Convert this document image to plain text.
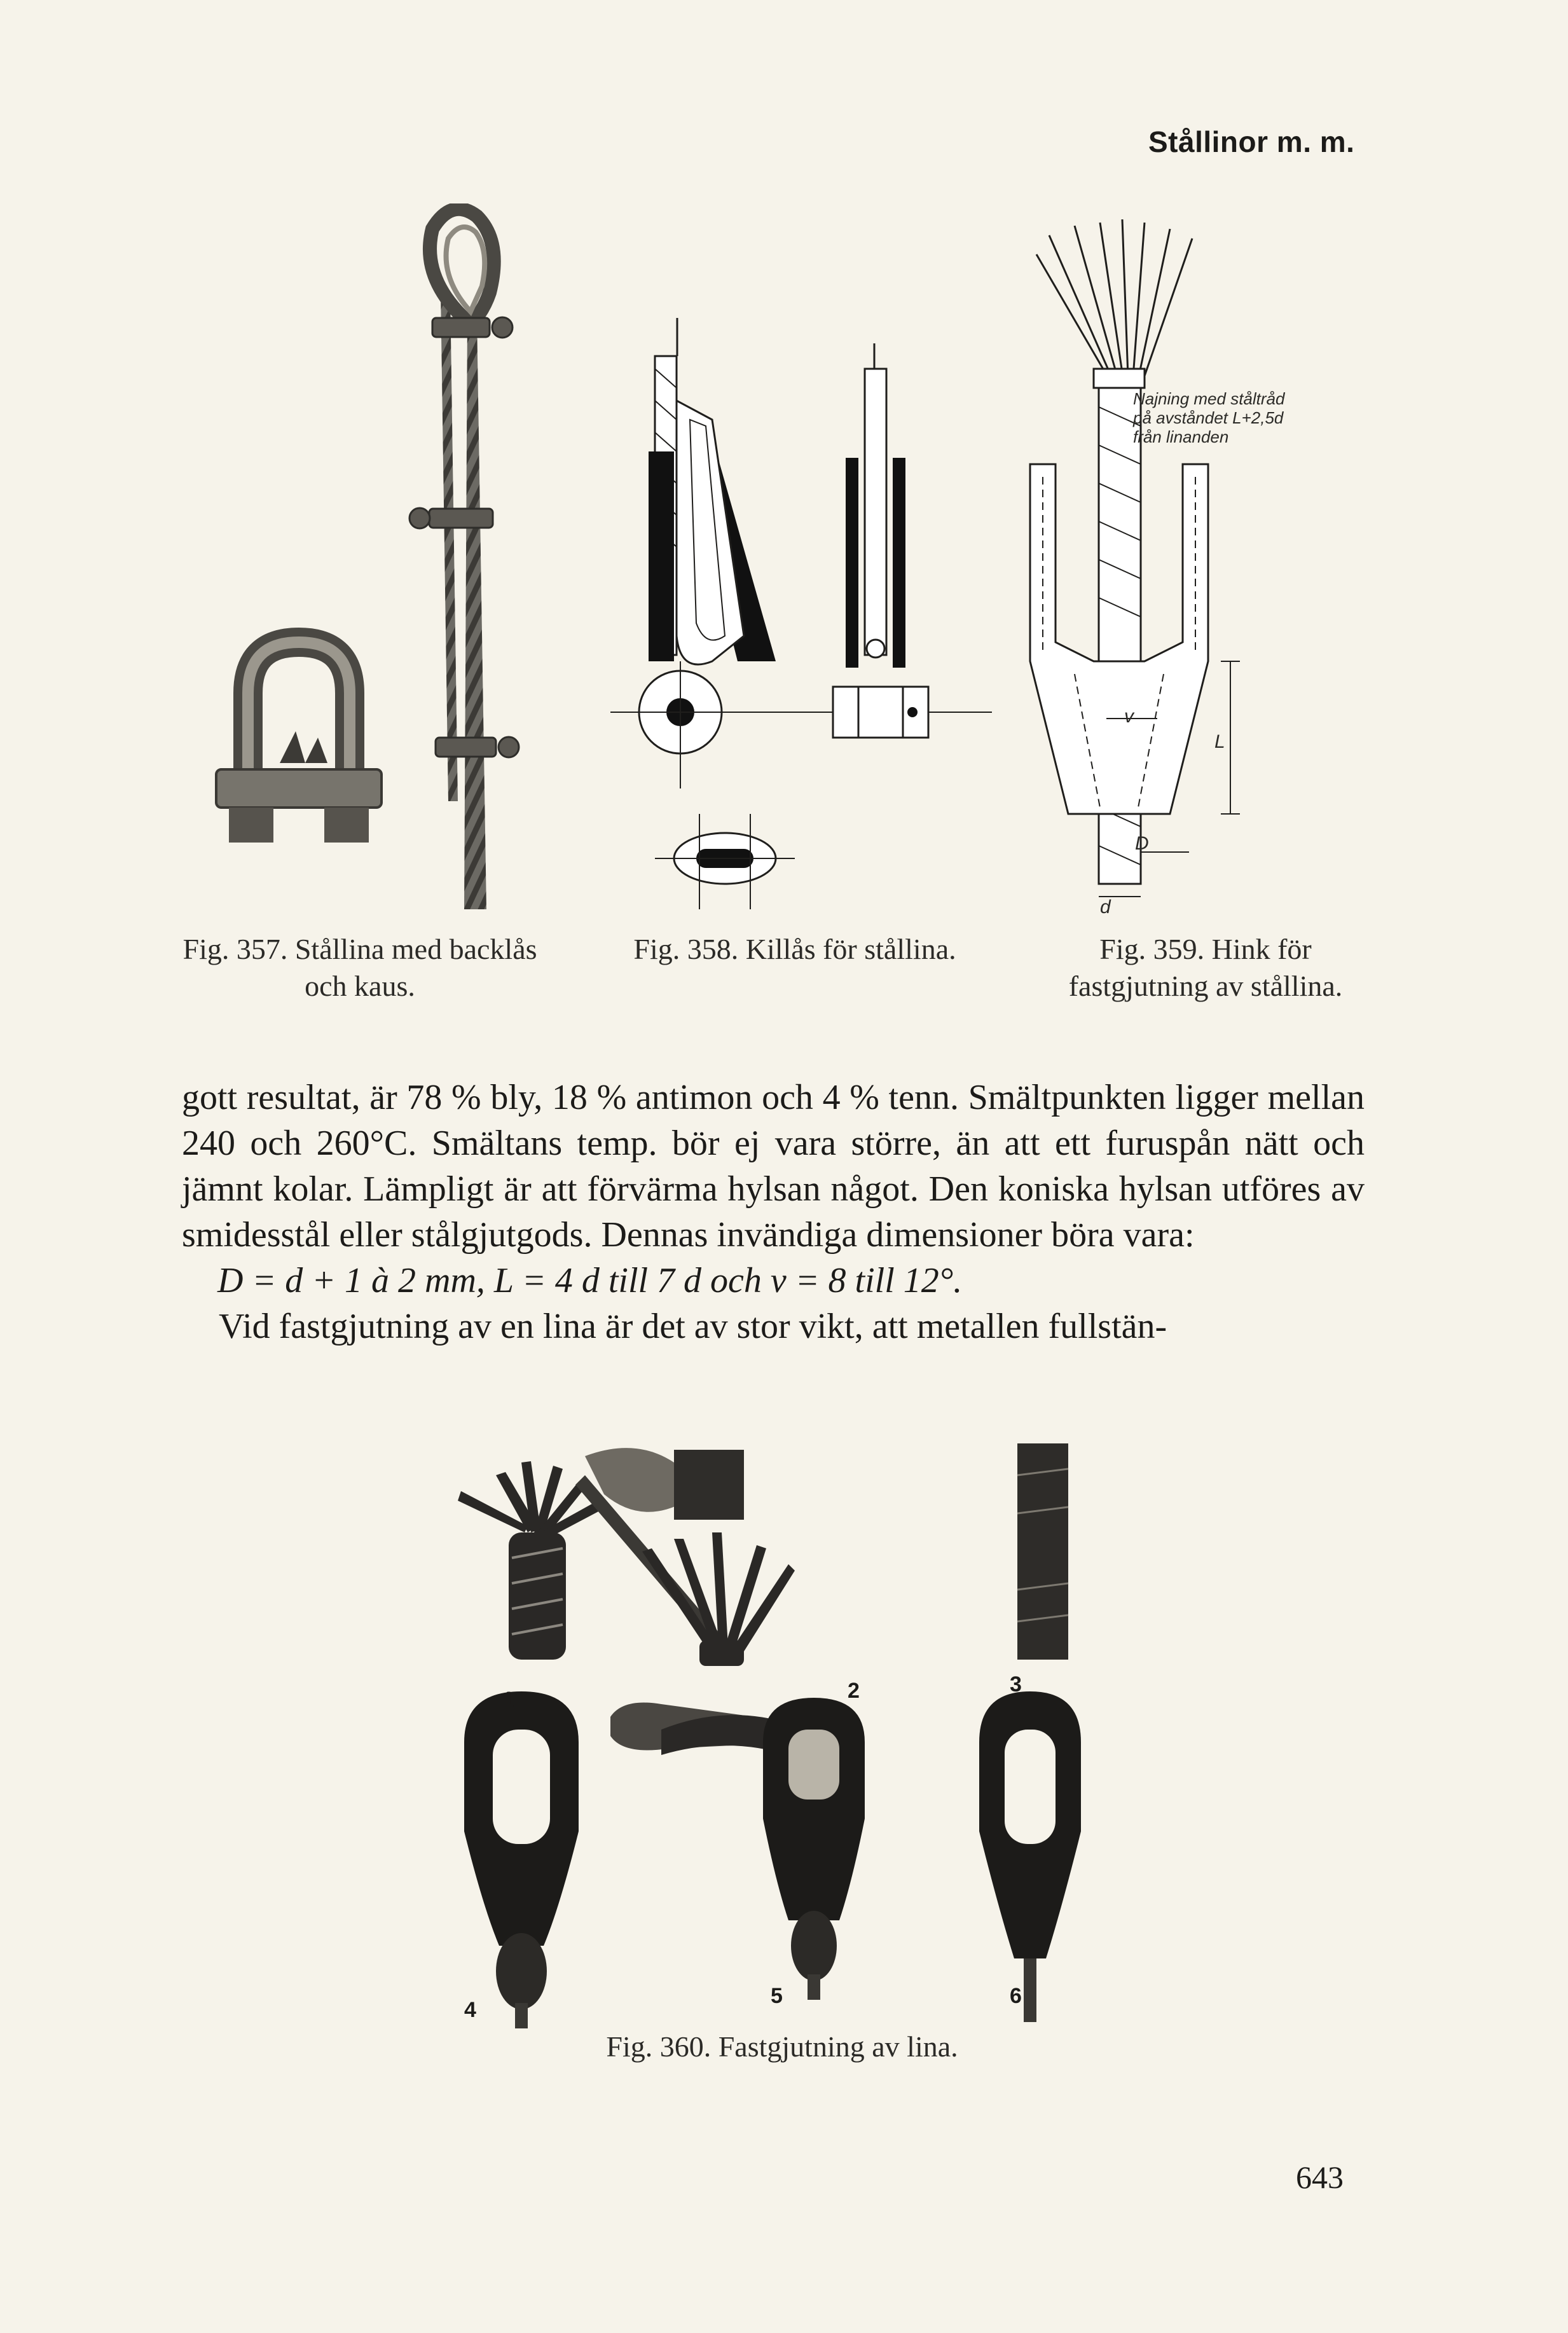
Stållinor m. m.
Najning med ståltråd
på avståndet L+2,5d
från linanden
v
L
D
d
Fig. 357. Stållina med backlås och kaus.
Fig. 358. Killås för stållina.	Fig. 359. Hink för fastgjutning av stållina.

gott resultat, är 78 % bly, 18 % antimon och 4 % tenn. Smältpunkten ligger mellan 240 och 260°C. Smältans temp. bör ej vara större, än att ett furuspån nätt och jämnt kolar. Lämpligt är att förvärma hylsan något. Den koniska hylsan utföres av smidesstål eller stålgjutgods. Dennas invändiga dimensioner böra vara:

D = d + 1 à 2 mm, L = 4 d till 7 d och v = 8 till 12°.

Vid fastgjutning av en lina är det av stor vikt, att metallen fullstän-

1	2	3
4
5	6
Fig. 360. Fastgjutning av lina.
643
